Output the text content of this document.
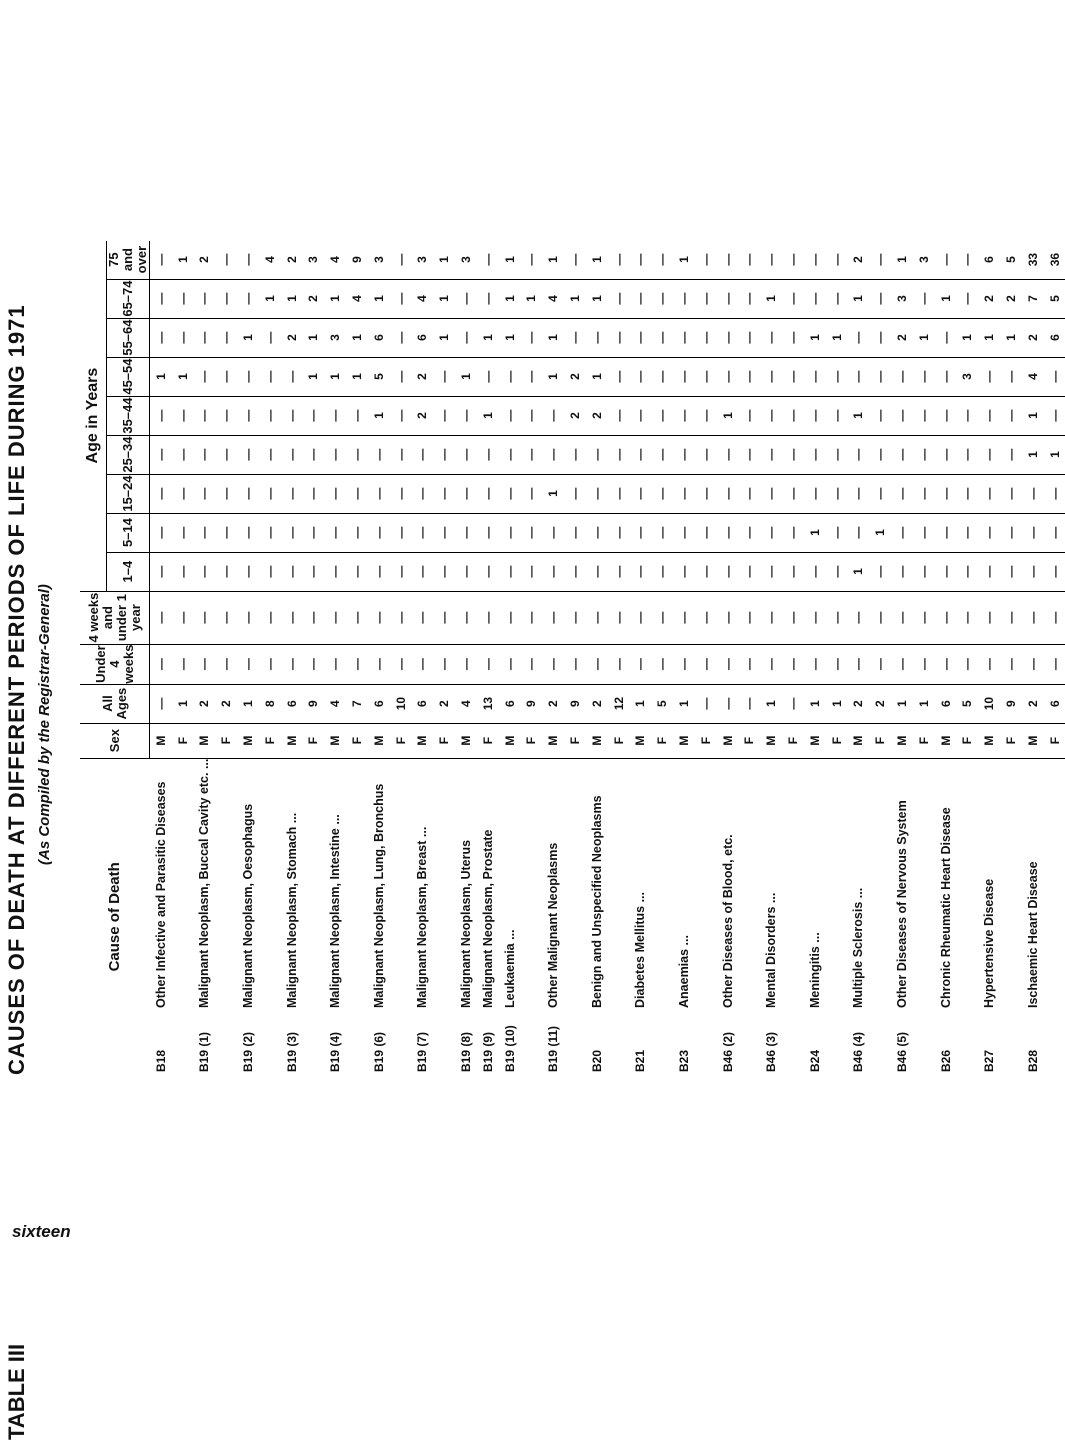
TABLE III
CAUSES OF DEATH AT DIFFERENT PERIODS OF LIFE DURING 1971 (As Compiled by the Registrar-General)
Cause of Death		Sex	All Ages	Under 4 weeks	4 weeks and under 1 year	Age in Years								
						1–4	5–14	15–24	25–34	35–44	45–54	55–64	65–74	75 and over
B18	Other Infective and Parasitic Diseases	M	—	—	—	—	—	—	—	—	1	—	—	—
		F	1	—	—	—	—	—	—	—	1	—	—	1
B19 (1)	Malignant Neoplasm, Buccal Cavity etc. ...	M	2	—	—	—	—	—	—	—	—	—	—	2
		F	2	—	—	—	—	—	—	—	—	—	—	—
B19 (2)	Malignant Neoplasm, Oesophagus	M	1	—	—	—	—	—	—	—	—	1	—	—
		F	8	—	—	—	—	—	—	—	—	—	1	4
B19 (3)	Malignant Neoplasm, Stomach ...	M	6	—	—	—	—	—	—	—	—	2	1	2
		F	9	—	—	—	—	—	—	—	1	1	2	3
B19 (4)	Malignant Neoplasm, Intestine ...	M	4	—	—	—	—	—	—	—	1	3	1	4
		F	7	—	—	—	—	—	—	—	1	1	4	9
B19 (6)	Malignant Neoplasm, Lung, Bronchus	M	6	—	—	—	—	—	—	1	5	6	1	3
		F	10	—	—	—	—	—	—	—	—	—	—	—
B19 (7)	Malignant Neoplasm, Breast ...	M	6	—	—	—	—	—	—	2	2	6	4	3
		F	2	—	—	—	—	—	—	—	—	1	1	1
B19 (8)	Malignant Neoplasm, Uterus	M	4	—	—	—	—	—	—	—	1	—	—	3
B19 (9)	Malignant Neoplasm, Prostate	F	13	—	—	—	—	—	—	1	—	1	—	—
B19 (10)	Leukaemia ...	M	6	—	—	—	—	—	—	—	—	1	1	1
		F	9	—	—	—	—	—	—	—	—	—	1	—
B19 (11)	Other Malignant Neoplasms	M	2	—	—	—	—	1	—	—	1	1	4	1
		F	9	—	—	—	—	—	—	2	2	—	1	—
B20	Benign and Unspecified Neoplasms	M	2	—	—	—	—	—	—	2	1	—	1	1
		F	12	—	—	—	—	—	—	—	—	—	—	—
B21	Diabetes Mellitus ...	M	1	—	—	—	—	—	—	—	—	—	—	—
		F	5	—	—	—	—	—	—	—	—	—	—	—
B23	Anaemias ...	M	1	—	—	—	—	—	—	—	—	—	—	1
		F	—	—	—	—	—	—	—	—	—	—	—	—
B46 (2)	Other Diseases of Blood, etc.	M	—	—	—	—	—	—	—	1	—	—	—	—
		F	—	—	—	—	—	—	—	—	—	—	—	—
B46 (3)	Mental Disorders ...	M	1	—	—	—	—	—	—	—	—	—	1	—
		F	—	—	—	—	—	—	—	—	—	—	—	—
B24	Meningitis ...	M	1	—	—	—	1	—	—	—	—	1	—	—
		F	1	—	—	—	—	—	—	—	—	1	—	—
B46 (4)	Multiple Sclerosis ...	M	2	—	—	1	—	—	—	1	—	—	1	2
		F	2	—	—	—	1	—	—	—	—	—	—	—
B46 (5)	Other Diseases of Nervous System	M	1	—	—	—	—	—	—	—	—	2	3	1
		F	1	—	—	—	—	—	—	—	—	1	—	3
B26	Chronic Rheumatic Heart Disease	M	6	—	—	—	—	—	—	—	—	—	1	—
		F	5	—	—	—	—	—	—	—	3	1	—	—
B27	Hypertensive Disease	M	10	—	—	—	—	—	—	—	—	1	2	6
		F	9	—	—	—	—	—	—	—	—	1	2	5
B28	Ischaemic Heart Disease	M	2	—	—	—	—	—	1	1	4	2	7	33
		F	6	—	—	—	—	—	1	—	—	6	5	36
sixteen
